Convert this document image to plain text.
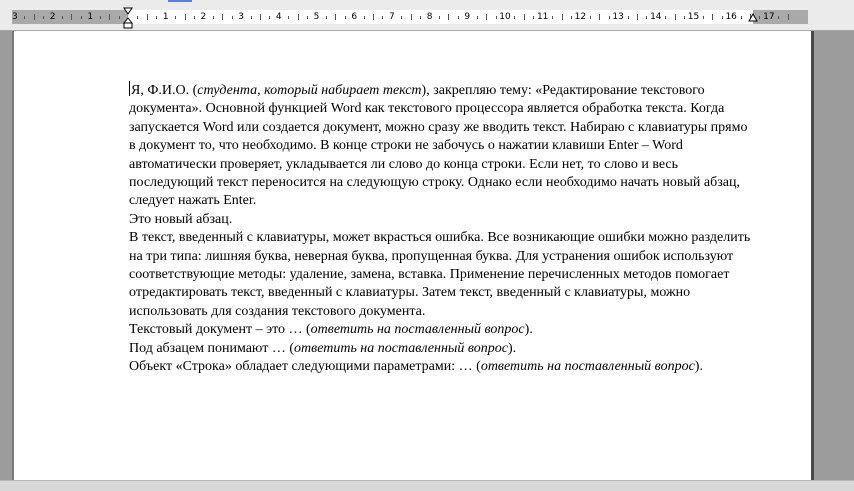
3	2	1	1	2	3	4	5	6	7	8	9	10	11	12	13	14	15	16	17

Я, Ф.И.О. (студента, который набирает текст), закрепляю тему: «Редактирование текстового документа». Основной функцией Word как текстового процессора является обработка текста. Когда запускается Word или создается документ, можно сразу же вводить текст. Набираю с клавиатуры прямо в документ то, что необходимо. В конце строки не забочусь о нажатии клавиши Enter – Word автоматически проверяет, укладывается ли слово до конца строки. Если нет, то слово и весь последующий текст переносится на следующую строку. Однако если необходимо начать новый абзац, следует нажать Enter.

Это новый абзац.

В текст, введенный с клавиатуры, может вкрасться ошибка. Все возникающие ошибки можно разделить на три типа: лишняя буква, неверная буква, пропущенная буква. Для устранения ошибок используют соответствующие методы: удаление, замена, вставка. Применение перечисленных методов помогает отредактировать текст, введенный с клавиатуры. Затем текст, введенный с клавиатуры, можно использовать для создания текстового документа.

Текстовый документ – это … (ответить на поставленный вопрос).

Под абзацем понимают … (ответить на поставленный вопрос).

Объект «Строка» обладает следующими параметрами: … (ответить на поставленный вопрос).
